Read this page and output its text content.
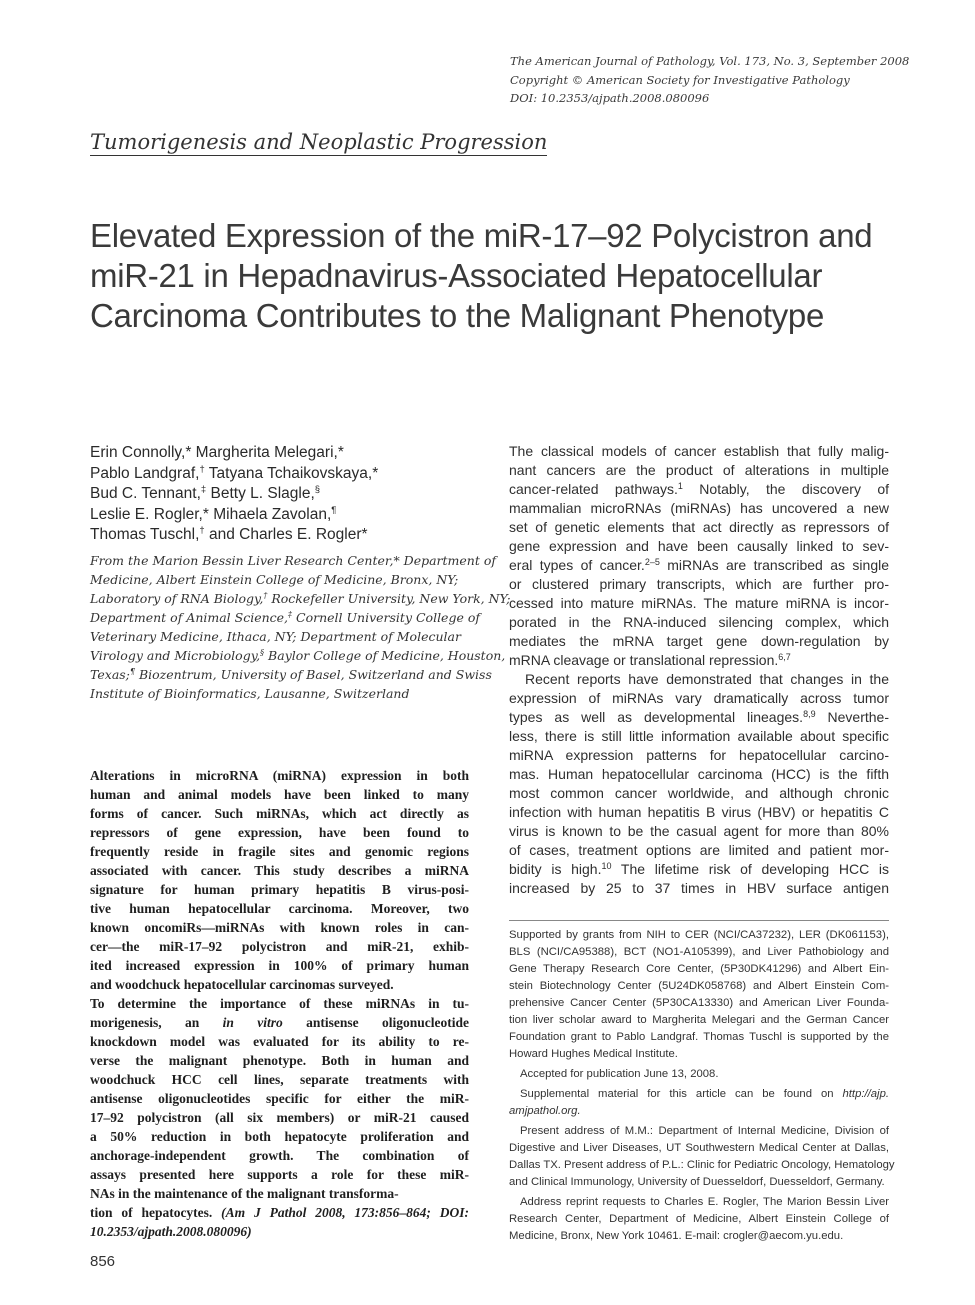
The American Journal of Pathology, Vol. 173, No. 3, September 2008
Copyright © American Society for Investigative Pathology
DOI: 10.2353/ajpath.2008.080096
Tumorigenesis and Neoplastic Progression
Elevated Expression of the miR-17–92 Polycistron and
miR-21 in Hepadnavirus-Associated Hepatocellular
Carcinoma Contributes to the Malignant Phenotype
Erin Connolly,* Margherita Melegari,*
Pablo Landgraf,† Tatyana Tchaikovskaya,*
Bud C. Tennant,‡ Betty L. Slagle,§
Leslie E. Rogler,* Mihaela Zavolan,¶
Thomas Tuschl,† and Charles E. Rogler*
From the Marion Bessin Liver Research Center,* Department of
Medicine, Albert Einstein College of Medicine, Bronx, NY;
Laboratory of RNA Biology,† Rockefeller University, New York, NY;
Department of Animal Science,‡ Cornell University College of
Veterinary Medicine, Ithaca, NY; Department of Molecular
Virology and Microbiology,§ Baylor College of Medicine, Houston,
Texas;¶ Biozentrum, University of Basel, Switzerland and Swiss
Institute of Bioinformatics, Lausanne, Switzerland
Alterations in microRNA (miRNA) expression in both
human and animal models have been linked to many
forms of cancer. Such miRNAs, which act directly as
repressors of gene expression, have been found to
frequently reside in fragile sites and genomic regions
associated with cancer. This study describes a miRNA
signature for human primary hepatitis B virus-posi-
tive human hepatocellular carcinoma. Moreover, two
known oncomiRs—miRNAs with known roles in can-
cer—the miR-17–92 polycistron and miR-21, exhib-
ited increased expression in 100% of primary human
and woodchuck hepatocellular carcinomas surveyed.
To determine the importance of these miRNAs in tu-
morigenesis, an in vitro antisense oligonucleotide
knockdown model was evaluated for its ability to re-
verse the malignant phenotype. Both in human and
woodchuck HCC cell lines, separate treatments with
antisense oligonucleotides specific for either the miR-
17–92 polycistron (all six members) or miR-21 caused
a 50% reduction in both hepatocyte proliferation and
anchorage-independent growth. The combination of
assays presented here supports a role for these miR-
NAs in the maintenance of the malignant transforma-
tion of hepatocytes. (Am J Pathol 2008, 173:856–864; DOI:
10.2353/ajpath.2008.080096)
The classical models of cancer establish that fully malig-
nant cancers are the product of alterations in multiple
cancer-related pathways.$^1$ Notably, the discovery of
mammalian microRNAs (miRNAs) has uncovered a new
set of genetic elements that act directly as repressors of
gene expression and have been causally linked to sev-
eral types of cancer.$^{2-5}$ miRNAs are transcribed as single
or clustered primary transcripts, which are further pro-
cessed into mature miRNAs. The mature miRNA is incor-
porated in the RNA-induced silencing complex, which
mediates the mRNA target gene down-regulation by
mRNA cleavage or translational repression.$^{6,7}$
Recent reports have demonstrated that changes in the
expression of miRNAs vary dramatically across tumor
types as well as developmental lineages.$^{8,9}$ Neverthe-
less, there is still little information available about specific
miRNA expression patterns for hepatocellular carcino-
mas. Human hepatocellular carcinoma (HCC) is the fifth
most common cancer worldwide, and although chronic
infection with human hepatitis B virus (HBV) or hepatitis C
virus is known to be the casual agent for more than 80%
of cases, treatment options are limited and patient mor-
bidity is high.$^{10}$ The lifetime risk of developing HCC is
increased by 25 to 37 times in HBV surface antigen
Supported by grants from NIH to CER (NCI/CA37232), LER (DK061153),
BLS (NCI/CA95388), BCT (NO1-A105399), and Liver Pathobiology and
Gene Therapy Research Core Center, (5P30DK41296) and Albert Ein-
stein Biotechnology Center (5U24DK058768) and Albert Einstein Com-
prehensive Cancer Center (5P30CA13330) and American Liver Founda-
tion liver scholar award to Margherita Melegari and the German Cancer
Foundation grant to Pablo Landgraf. Thomas Tuschl is supported by the
Howard Hughes Medical Institute.
Accepted for publication June 13, 2008.
Supplemental material for this article can be found on http://ajp.
amjpathol.org.
Present address of M.M.: Department of Internal Medicine, Division of
Digestive and Liver Diseases, UT Southwestern Medical Center at Dallas,
Dallas TX. Present address of P.L.: Clinic for Pediatric Oncology, Hematology
and Clinical Immunology, University of Duesseldorf, Duesseldorf, Germany.
Address reprint requests to Charles E. Rogler, The Marion Bessin Liver
Research Center, Department of Medicine, Albert Einstein College of
Medicine, Bronx, New York 10461. E-mail: crogler@aecom.yu.edu.
856
